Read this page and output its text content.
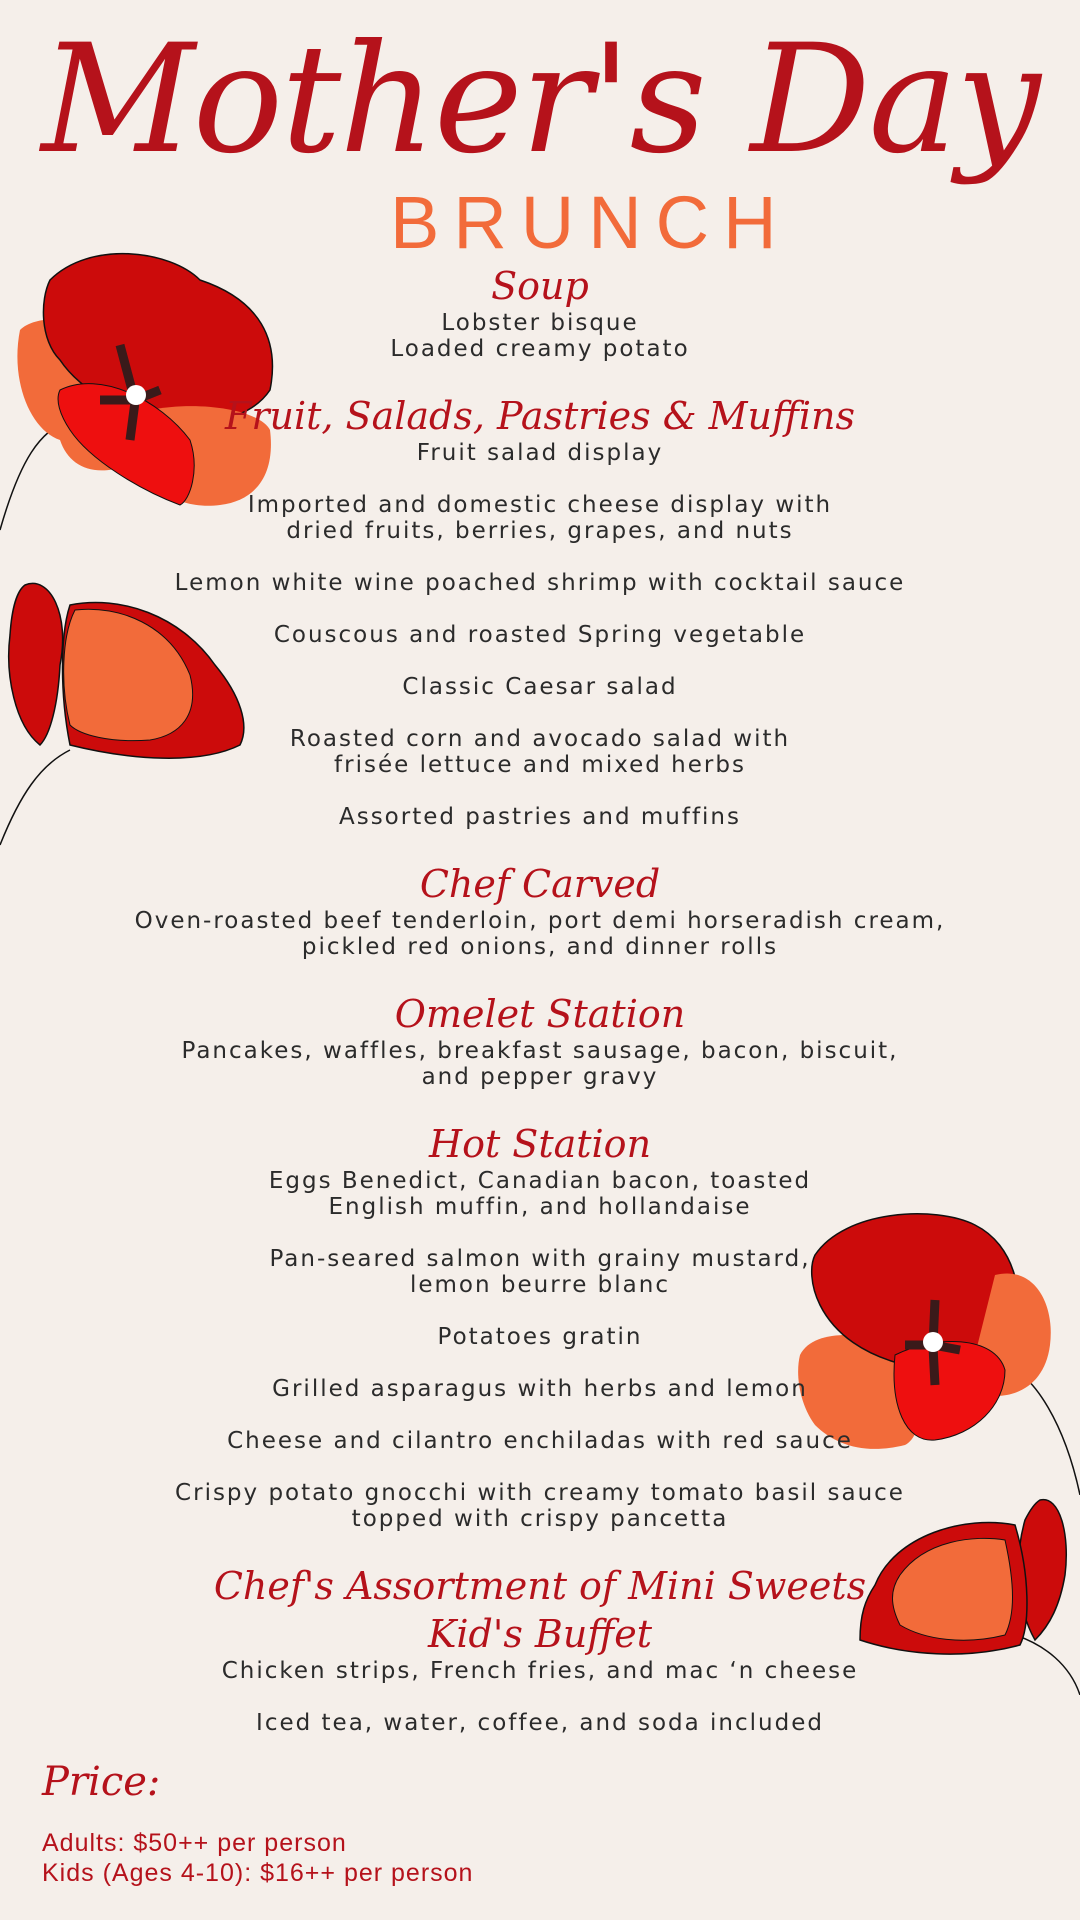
Mother's Day
BRUNCH
Soup
Lobster bisque
Loaded creamy potato
Fruit, Salads, Pastries & Muffins
Fruit salad display
Imported and domestic cheese display with
dried fruits, berries, grapes, and nuts
Lemon white wine poached shrimp with cocktail sauce
Couscous and roasted Spring vegetable
Classic Caesar salad
Roasted corn and avocado salad with
frisée lettuce and mixed herbs
Assorted pastries and muffins
Chef Carved
Oven-roasted beef tenderloin, port demi horseradish cream,
pickled red onions, and dinner rolls
Omelet Station
Pancakes, waffles, breakfast sausage, bacon, biscuit,
and pepper gravy
Hot Station
Eggs Benedict, Canadian bacon, toasted
English muffin, and hollandaise
Pan-seared salmon with grainy mustard,
lemon beurre blanc
Potatoes gratin
Grilled asparagus with herbs and lemon
Cheese and cilantro enchiladas with red sauce
Crispy potato gnocchi with creamy tomato basil sauce
topped with crispy pancetta
Chef's Assortment of Mini Sweets
Kid's Buffet
Chicken strips, French fries, and mac ‘n cheese
Iced tea, water, coffee, and soda included
Price:
Adults: $50++ per person
Kids (Ages 4-10): $16++ per person
